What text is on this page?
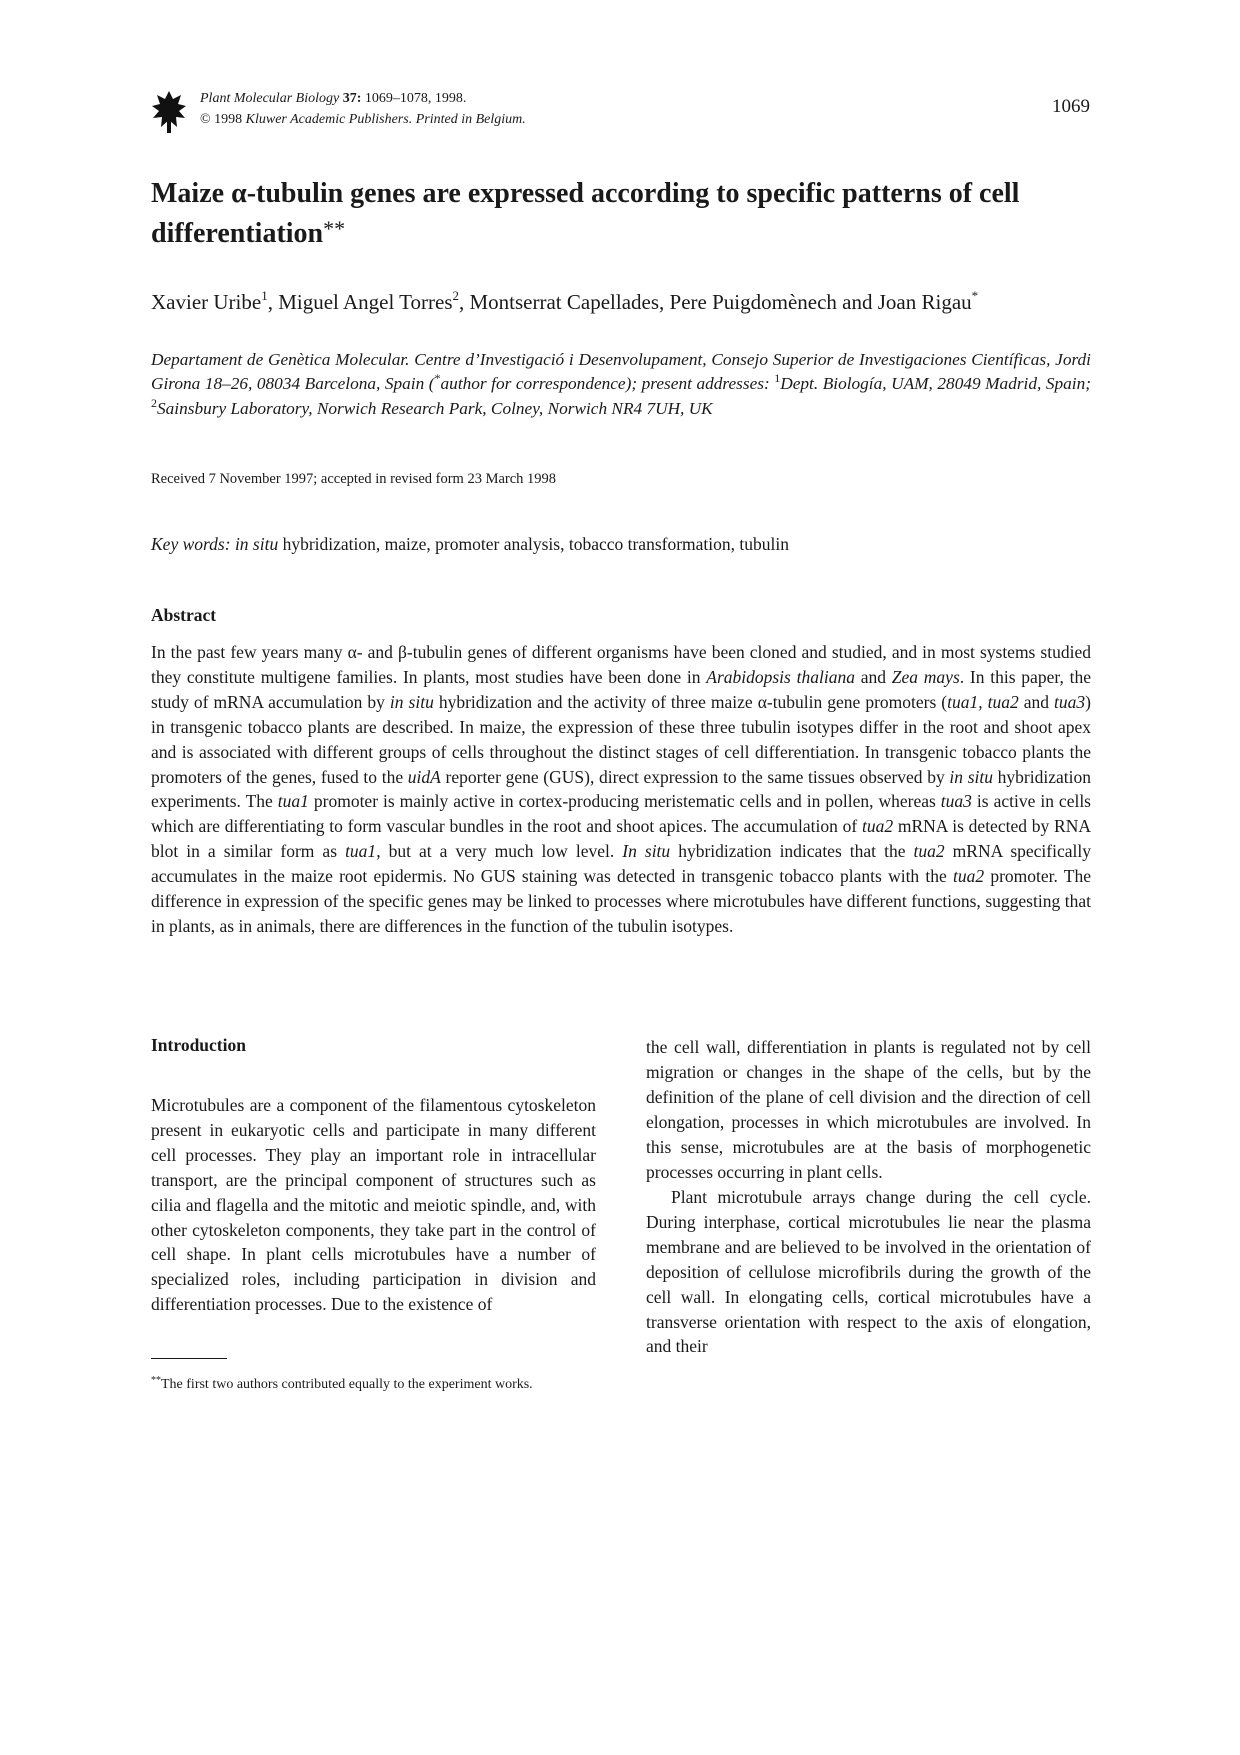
Plant Molecular Biology 37: 1069–1078, 1998.
© 1998 Kluwer Academic Publishers. Printed in Belgium.
1069
Maize α-tubulin genes are expressed according to specific patterns of cell differentiation**
Xavier Uribe$^1$, Miguel Angel Torres$^2$, Montserrat Capellades, Pere Puigdomènech and Joan Rigau*
Departament de Genètica Molecular. Centre d’Investigació i Desenvolupament, Consejo Superior de Investigaciones Científicas, Jordi Girona 18–26, 08034 Barcelona, Spain (*author for correspondence); present addresses: $^1$Dept. Biología, UAM, 28049 Madrid, Spain; $^2$Sainsbury Laboratory, Norwich Research Park, Colney, Norwich NR4 7UH, UK
Received 7 November 1997; accepted in revised form 23 March 1998
Key words: in situ hybridization, maize, promoter analysis, tobacco transformation, tubulin
Abstract

In the past few years many α- and β-tubulin genes of different organisms have been cloned and studied, and in most systems studied they constitute multigene families. In plants, most studies have been done in Arabidopsis thaliana and Zea mays. In this paper, the study of mRNA accumulation by in situ hybridization and the activity of three maize α-tubulin gene promoters (tua1, tua2 and tua3) in transgenic tobacco plants are described. In maize, the expression of these three tubulin isotypes differ in the root and shoot apex and is associated with different groups of cells throughout the distinct stages of cell differentiation. In transgenic tobacco plants the promoters of the genes, fused to the uidA reporter gene (GUS), direct expression to the same tissues observed by in situ hybridization experiments. The tua1 promoter is mainly active in cortex-producing meristematic cells and in pollen, whereas tua3 is active in cells which are differentiating to form vascular bundles in the root and shoot apices. The accumulation of tua2 mRNA is detected by RNA blot in a similar form as tua1, but at a very much low level. In situ hybridization indicates that the tua2 mRNA specifically accumulates in the maize root epidermis. No GUS staining was detected in transgenic tobacco plants with the tua2 promoter. The difference in expression of the specific genes may be linked to processes where microtubules have different functions, suggesting that in plants, as in animals, there are differences in the function of the tubulin isotypes.

Introduction

Microtubules are a component of the filamentous cytoskeleton present in eukaryotic cells and participate in many different cell processes. They play an important role in intracellular transport, are the principal component of structures such as cilia and flagella and the mitotic and meiotic spindle, and, with other cytoskeleton components, they take part in the control of cell shape. In plant cells microtubules have a number of specialized roles, including participation in division and differentiation processes. Due to the existence of

the cell wall, differentiation in plants is regulated not by cell migration or changes in the shape of the cells, but by the definition of the plane of cell division and the direction of cell elongation, processes in which microtubules are involved. In this sense, microtubules are at the basis of morphogenetic processes occurring in plant cells.

Plant microtubule arrays change during the cell cycle. During interphase, cortical microtubules lie near the plasma membrane and are believed to be involved in the orientation of deposition of cellulose microfibrils during the growth of the cell wall. In elongating cells, cortical microtubules have a transverse orientation with respect to the axis of elongation, and their

**The first two authors contributed equally to the experiment works.
